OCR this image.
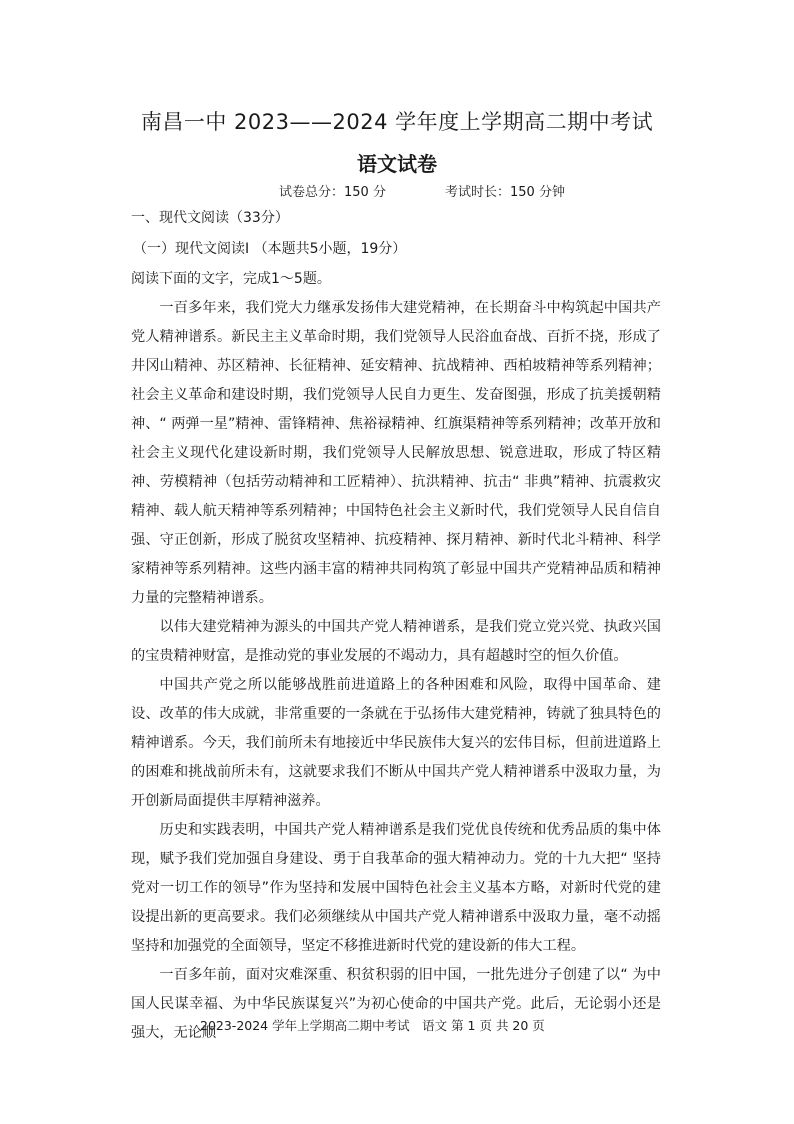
南昌一中 2023——2024 学年度上学期高二期中考试
语文试卷
试卷总分：150 分	考试时长：150 分钟
一、现代文阅读（33分）
（一）现代文阅读I （本题共5小题，19分）
阅读下面的文字，完成1～5题。

一百多年来，我们党大力继承发扬伟大建党精神，在长期奋斗中构筑起中国共产党人精神谱系。新民主主义革命时期，我们党领导人民浴血奋战、百折不挠，形成了井冈山精神、苏区精神、长征精神、延安精神、抗战精神、西柏坡精神等系列精神；社会主义革命和建设时期，我们党领导人民自力更生、发奋图强，形成了抗美援朝精神、“ 两弹一星”精神、雷锋精神、焦裕禄精神、红旗渠精神等系列精神；改革开放和社会主义现代化建设新时期，我们党领导人民解放思想、锐意进取，形成了特区精神、劳模精神（包括劳动精神和工匠精神）、抗洪精神、抗击“ 非典”精神、抗震救灾精神、载人航天精神等系列精神；中国特色社会主义新时代，我们党领导人民自信自强、守正创新，形成了脱贫攻坚精神、抗疫精神、探月精神、新时代北斗精神、科学家精神等系列精神。这些内涵丰富的精神共同构筑了彰显中国共产党精神品质和精神力量的完整精神谱系。

以伟大建党精神为源头的中国共产党人精神谱系，是我们党立党兴党、执政兴国的宝贵精神财富，是推动党的事业发展的不竭动力，具有超越时空的恒久价值。

中国共产党之所以能够战胜前进道路上的各种困难和风险，取得中国革命、建设、改革的伟大成就，非常重要的一条就在于弘扬伟大建党精神，铸就了独具特色的精神谱系。今天，我们前所未有地接近中华民族伟大复兴的宏伟目标，但前进道路上的困难和挑战前所未有，这就要求我们不断从中国共产党人精神谱系中汲取力量，为开创新局面提供丰厚精神滋养。

历史和实践表明，中国共产党人精神谱系是我们党优良传统和优秀品质的集中体现，赋予我们党加强自身建设、勇于自我革命的强大精神动力。党的十九大把“ 坚持党对一切工作的领导”作为坚持和发展中国特色社会主义基本方略，对新时代党的建设提出新的更高要求。我们必须继续从中国共产党人精神谱系中汲取力量，毫不动摇坚持和加强党的全面领导，坚定不移推进新时代党的建设新的伟大工程。

一百多年前，面对灾难深重、积贫积弱的旧中国，一批先进分子创建了以“ 为中国人民谋幸福、为中华民族谋复兴”为初心使命的中国共产党。此后，无论弱小还是强大，无论顺

2023-2024 学年上学期高二期中考试　语文 第 1 页 共 20 页
